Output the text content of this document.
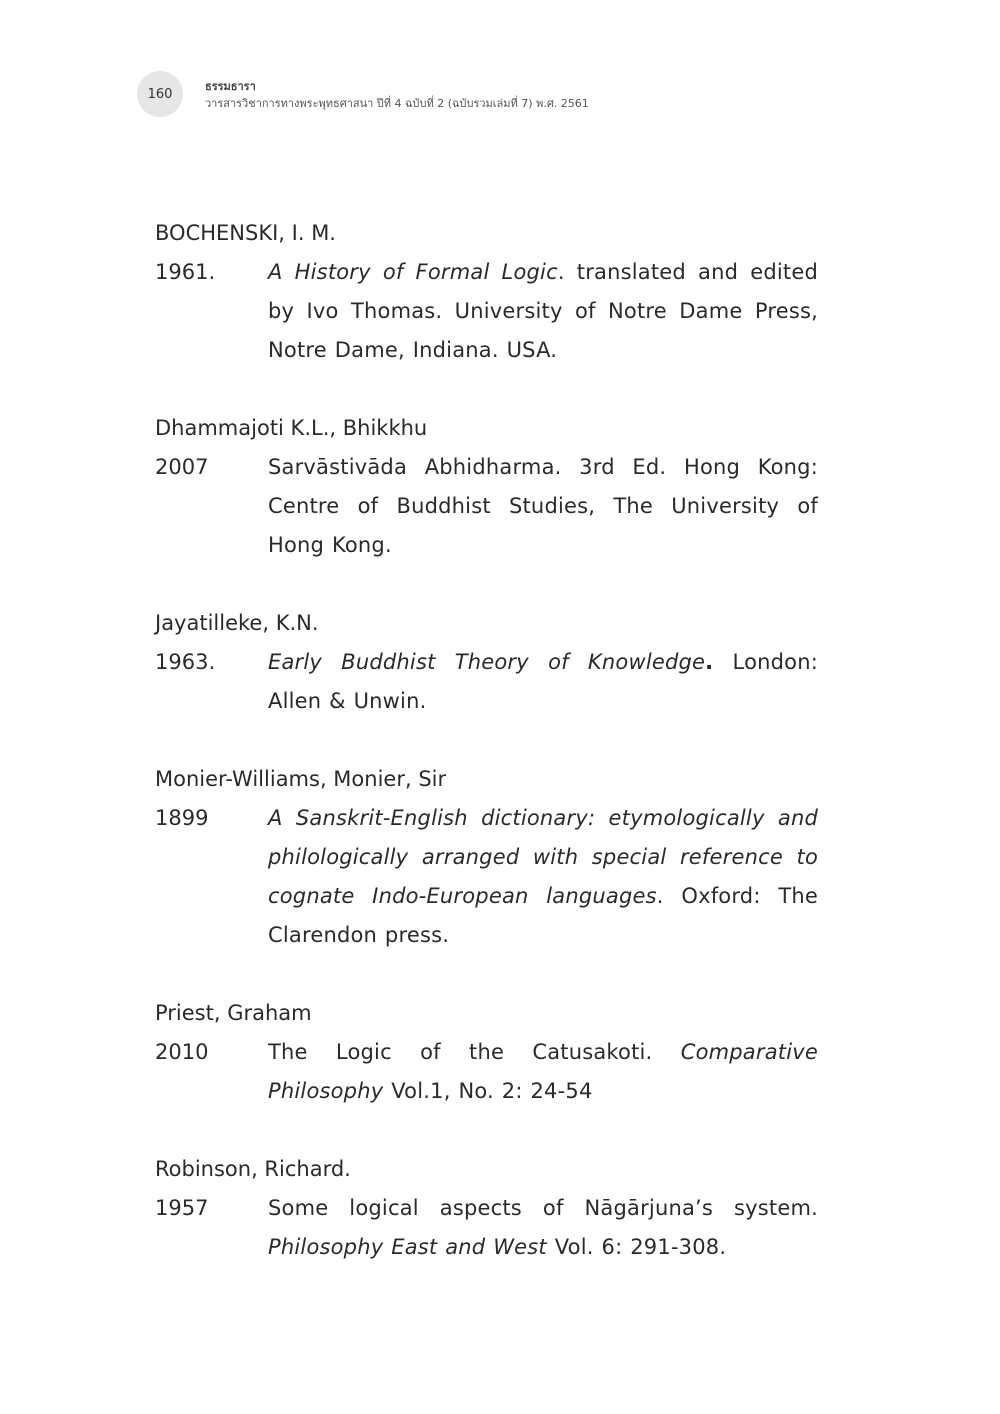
160	ธรรมธารา
วารสารวิชาการทางพระพุทธศาสนา ปีที่ 4 ฉบับที่ 2 (ฉบับรวมเล่มที่ 7) พ.ศ. 2561
BOCHENSKI, I. M.
1961.	A History of Formal Logic. translated and edited by Ivo Thomas. University of Notre Dame Press, Notre Dame, Indiana. USA.
Dhammajoti K.L., Bhikkhu
2007	Sarvāstivāda Abhidharma. 3rd Ed. Hong Kong: Centre of Buddhist Studies, The University of Hong Kong.
Jayatilleke, K.N.
1963.	Early Buddhist Theory of Knowledge. London: Allen & Unwin.
Monier-Williams, Monier, Sir
1899	A Sanskrit-English dictionary: etymologically and philologically arranged with special reference to cognate Indo-European languages. Oxford: The Clarendon press.
Priest, Graham
2010	The Logic of the Catusakoti. Comparative Philosophy Vol.1, No. 2: 24-54
Robinson, Richard.
1957	Some logical aspects of Nāgārjuna’s system. Philosophy East and West Vol. 6: 291-308.
